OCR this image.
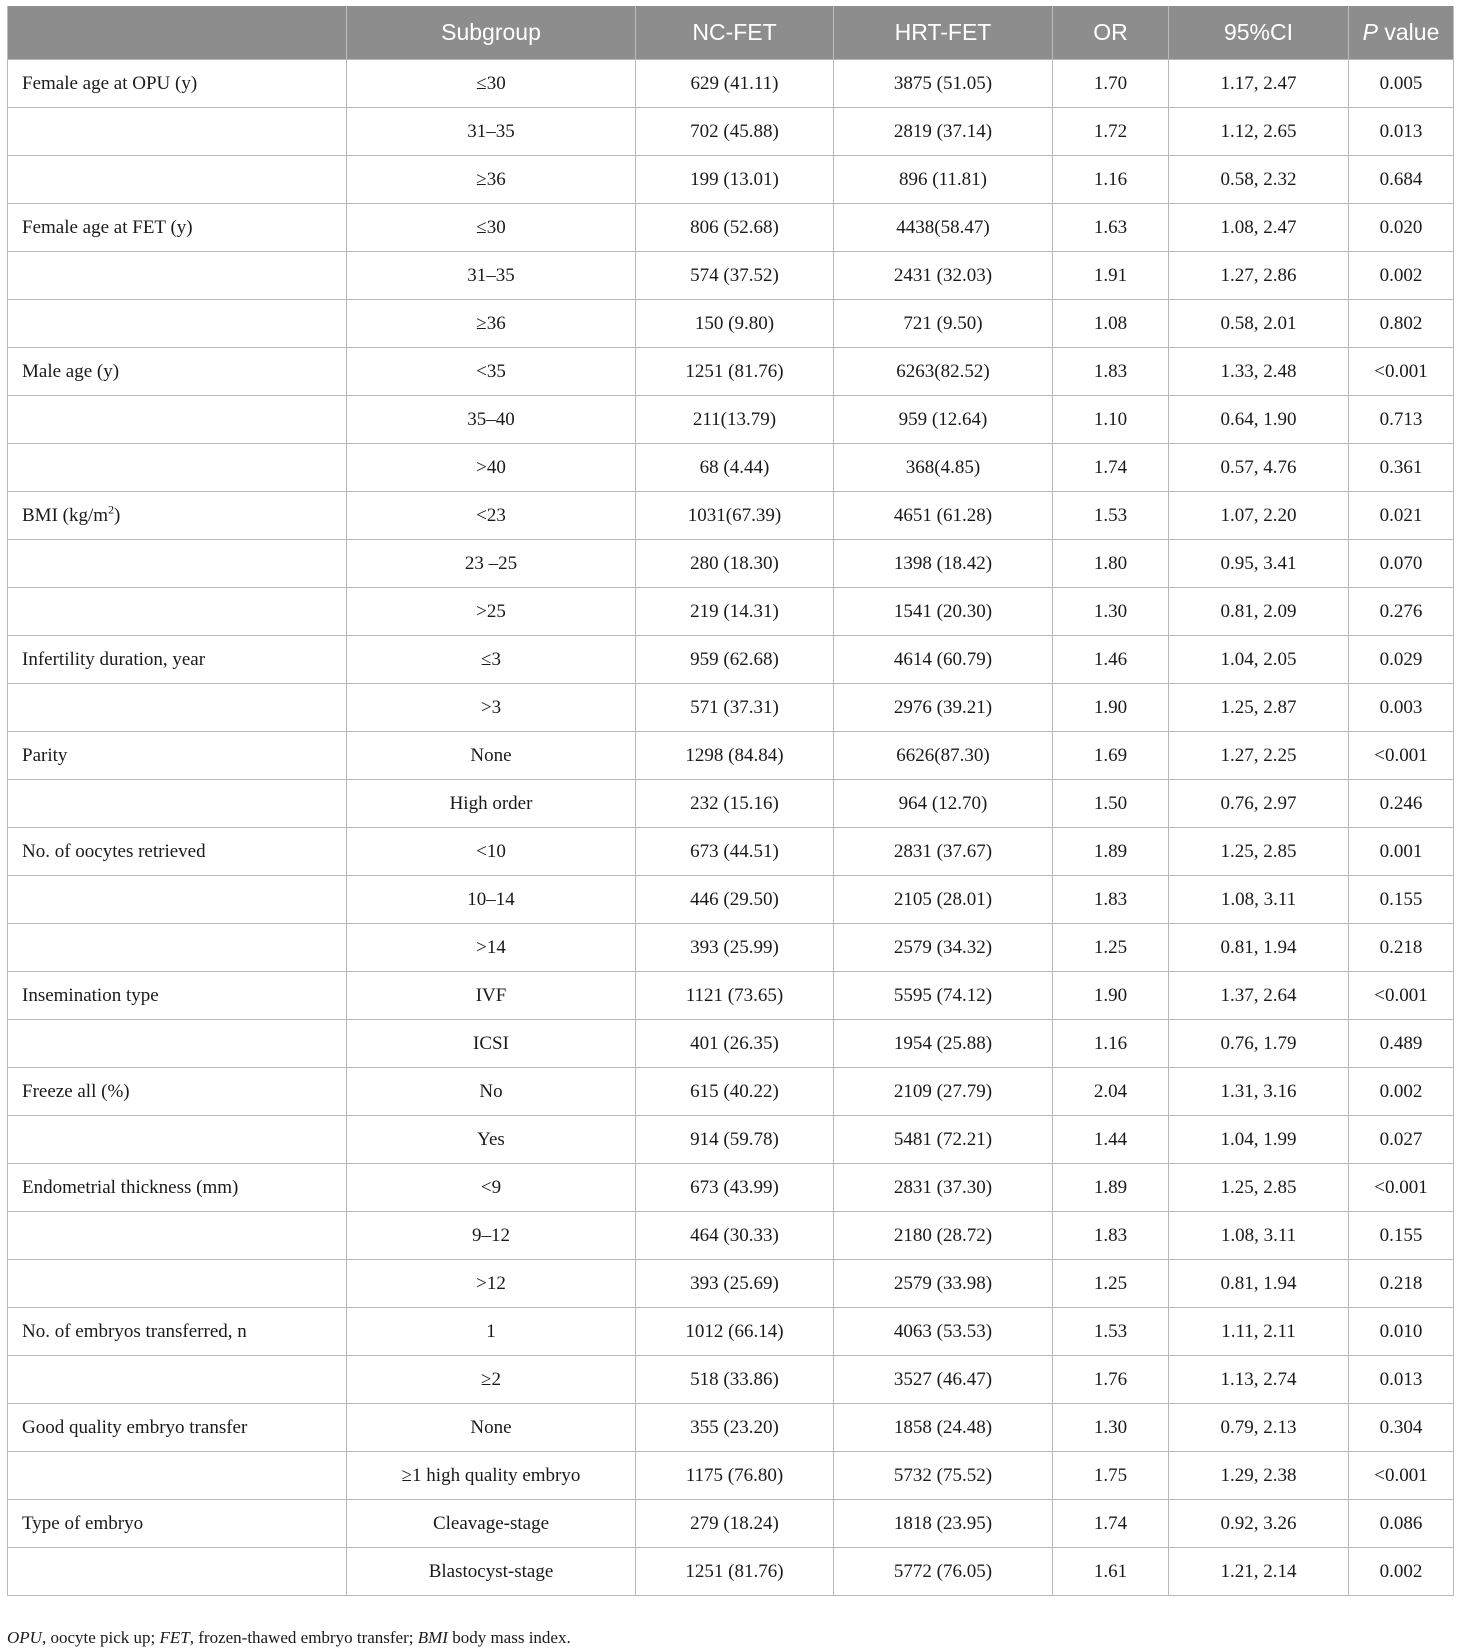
	Subgroup	NC-FET	HRT-FET	OR	95%CI	P value
Female age at OPU (y)	≤30	629 (41.11)	3875 (51.05)	1.70	1.17, 2.47	0.005
	31–35	702 (45.88)	2819 (37.14)	1.72	1.12, 2.65	0.013
	≥36	199 (13.01)	896 (11.81)	1.16	0.58, 2.32	0.684
Female age at FET (y)	≤30	806 (52.68)	4438(58.47)	1.63	1.08, 2.47	0.020
	31–35	574 (37.52)	2431 (32.03)	1.91	1.27, 2.86	0.002
	≥36	150 (9.80)	721 (9.50)	1.08	0.58, 2.01	0.802
Male age (y)	<35	1251 (81.76)	6263(82.52)	1.83	1.33, 2.48	<0.001
	35–40	211(13.79)	959 (12.64)	1.10	0.64, 1.90	0.713
	>40	68 (4.44)	368(4.85)	1.74	0.57, 4.76	0.361
BMI $(kg/m^2)$	<23	1031(67.39)	4651 (61.28)	1.53	1.07, 2.20	0.021
	23 –25	280 (18.30)	1398 (18.42)	1.80	0.95, 3.41	0.070
	>25	219 (14.31)	1541 (20.30)	1.30	0.81, 2.09	0.276
Infertility duration, year	≤3	959 (62.68)	4614 (60.79)	1.46	1.04, 2.05	0.029
	>3	571 (37.31)	2976 (39.21)	1.90	1.25, 2.87	0.003
Parity	None	1298 (84.84)	6626(87.30)	1.69	1.27, 2.25	<0.001
	High order	232 (15.16)	964 (12.70)	1.50	0.76, 2.97	0.246
No. of oocytes retrieved	<10	673 (44.51)	2831 (37.67)	1.89	1.25, 2.85	0.001
	10–14	446 (29.50)	2105 (28.01)	1.83	1.08, 3.11	0.155
	>14	393 (25.99)	2579 (34.32)	1.25	0.81, 1.94	0.218
Insemination type	IVF	1121 (73.65)	5595 (74.12)	1.90	1.37, 2.64	<0.001
	ICSI	401 (26.35)	1954 (25.88)	1.16	0.76, 1.79	0.489
Freeze all (%)	No	615 (40.22)	2109 (27.79)	2.04	1.31, 3.16	0.002
	Yes	914 (59.78)	5481 (72.21)	1.44	1.04, 1.99	0.027
Endometrial thickness (mm)	<9	673 (43.99)	2831 (37.30)	1.89	1.25, 2.85	<0.001
	9–12	464 (30.33)	2180 (28.72)	1.83	1.08, 3.11	0.155
	>12	393 (25.69)	2579 (33.98)	1.25	0.81, 1.94	0.218
No. of embryos transferred, n	1	1012 (66.14)	4063 (53.53)	1.53	1.11, 2.11	0.010
	≥2	518 (33.86)	3527 (46.47)	1.76	1.13, 2.74	0.013
Good quality embryo transfer	None	355 (23.20)	1858 (24.48)	1.30	0.79, 2.13	0.304
	≥1 high quality embryo	1175 (76.80)	5732 (75.52)	1.75	1.29, 2.38	<0.001
Type of embryo	Cleavage-stage	279 (18.24)	1818 (23.95)	1.74	0.92, 3.26	0.086
	Blastocyst-stage	1251 (81.76)	5772 (76.05)	1.61	1.21, 2.14	0.002
OPU, oocyte pick up; FET, frozen-thawed embryo transfer; BMI body mass index.
